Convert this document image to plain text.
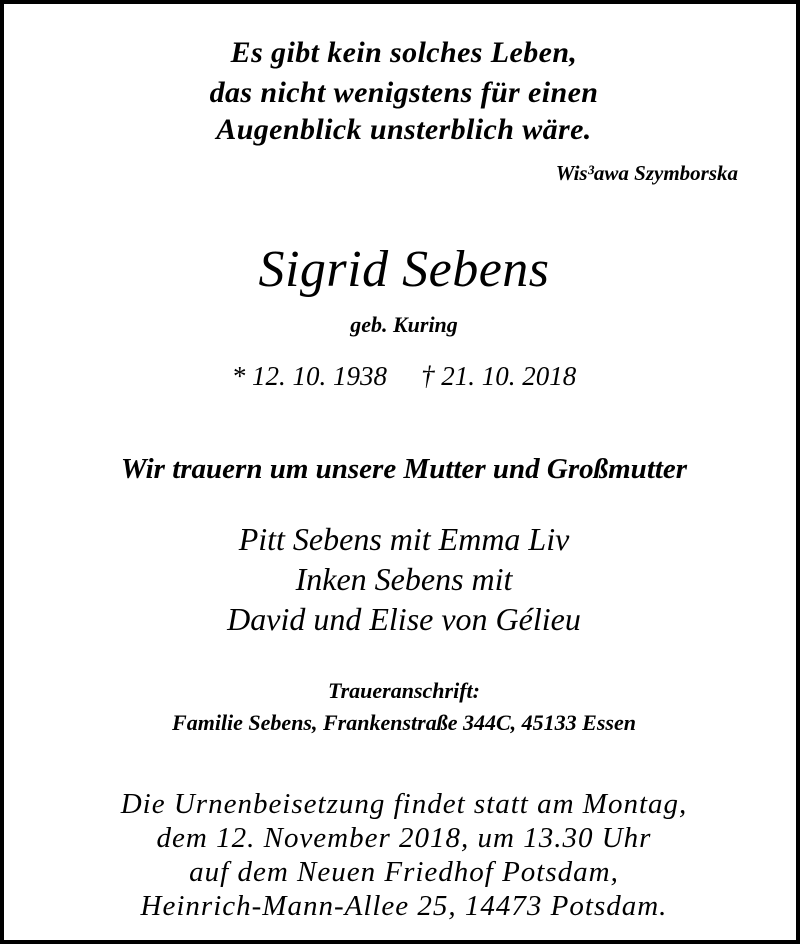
Es gibt kein solches Leben,

das nicht wenigstens für einen

Augenblick unsterblich wäre.

Wis³awa Szymborska

Sigrid Sebens

geb. Kuring

* 12. 10. 1938 † 21. 10. 2018

Wir trauern um unsere Mutter und Großmutter

Pitt Sebens mit Emma Liv

Inken Sebens mit

David und Elise von Gélieu

Traueranschrift:

Familie Sebens, Frankenstraße 344C, 45133 Essen

Die Urnenbeisetzung findet statt am Montag,

dem 12. November 2018, um 13.30 Uhr

auf dem Neuen Friedhof Potsdam,

Heinrich-Mann-Allee 25, 14473 Potsdam.
